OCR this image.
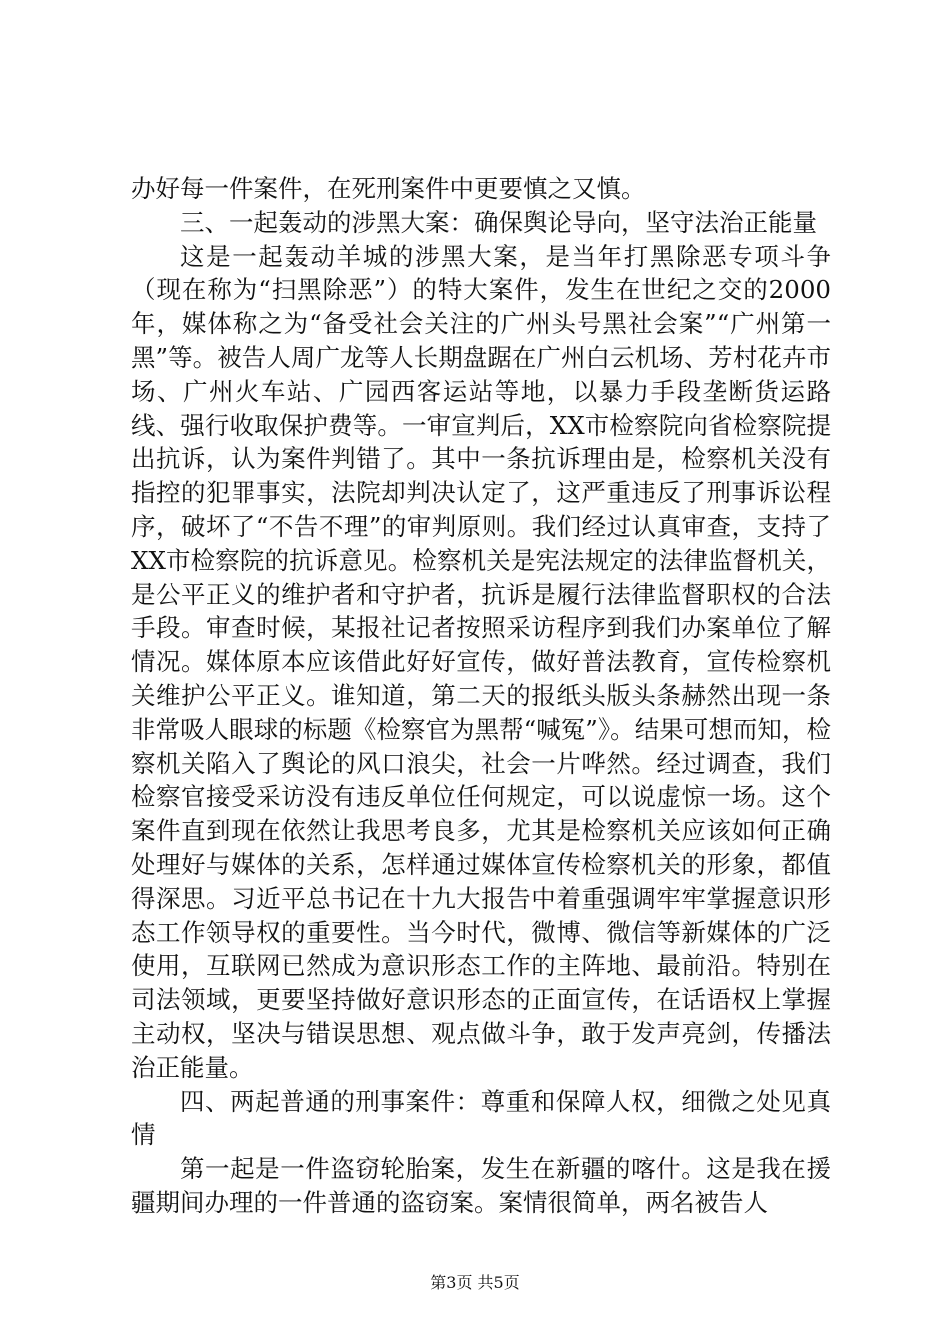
办好每一件案件，在死刑案件中更要慎之又慎。

三、一起轰动的涉黑大案：确保舆论导向，坚守法治正能量

这是一起轰动羊城的涉黑大案，是当年打黑除恶专项斗争（现在称为“扫黑除恶”）的特大案件，发生在世纪之交的2000年，媒体称之为“备受社会关注的广州头号黑社会案”“广州第一黑”等。被告人周广龙等人长期盘踞在广州白云机场、芳村花卉市场、广州火车站、广园西客运站等地，以暴力手段垄断货运路线、强行收取保护费等。一审宣判后，XX市检察院向省检察院提出抗诉，认为案件判错了。其中一条抗诉理由是，检察机关没有指控的犯罪事实，法院却判决认定了，这严重违反了刑事诉讼程序，破坏了“不告不理”的审判原则。我们经过认真审查，支持了XX市检察院的抗诉意见。检察机关是宪法规定的法律监督机关，是公平正义的维护者和守护者，抗诉是履行法律监督职权的合法手段。审查时候，某报社记者按照采访程序到我们办案单位了解情况。媒体原本应该借此好好宣传，做好普法教育，宣传检察机关维护公平正义。谁知道，第二天的报纸头版头条赫然出现一条非常吸人眼球的标题《检察官为黑帮“喊冤”》。结果可想而知，检察机关陷入了舆论的风口浪尖，社会一片哗然。经过调查，我们检察官接受采访没有违反单位任何规定，可以说虚惊一场。这个案件直到现在依然让我思考良多，尤其是检察机关应该如何正确处理好与媒体的关系，怎样通过媒体宣传检察机关的形象，都值得深思。习近平总书记在十九大报告中着重强调牢牢掌握意识形态工作领导权的重要性。当今时代，微博、微信等新媒体的广泛使用，互联网已然成为意识形态工作的主阵地、最前沿。特别在司法领域，更要坚持做好意识形态的正面宣传，在话语权上掌握主动权，坚决与错误思想、观点做斗争，敢于发声亮剑，传播法治正能量。

四、两起普通的刑事案件：尊重和保障人权，细微之处见真情

第一起是一件盗窃轮胎案，发生在新疆的喀什。这是我在援疆期间办理的一件普通的盗窃案。案情很简单，两名被告人

第3页 共5页
